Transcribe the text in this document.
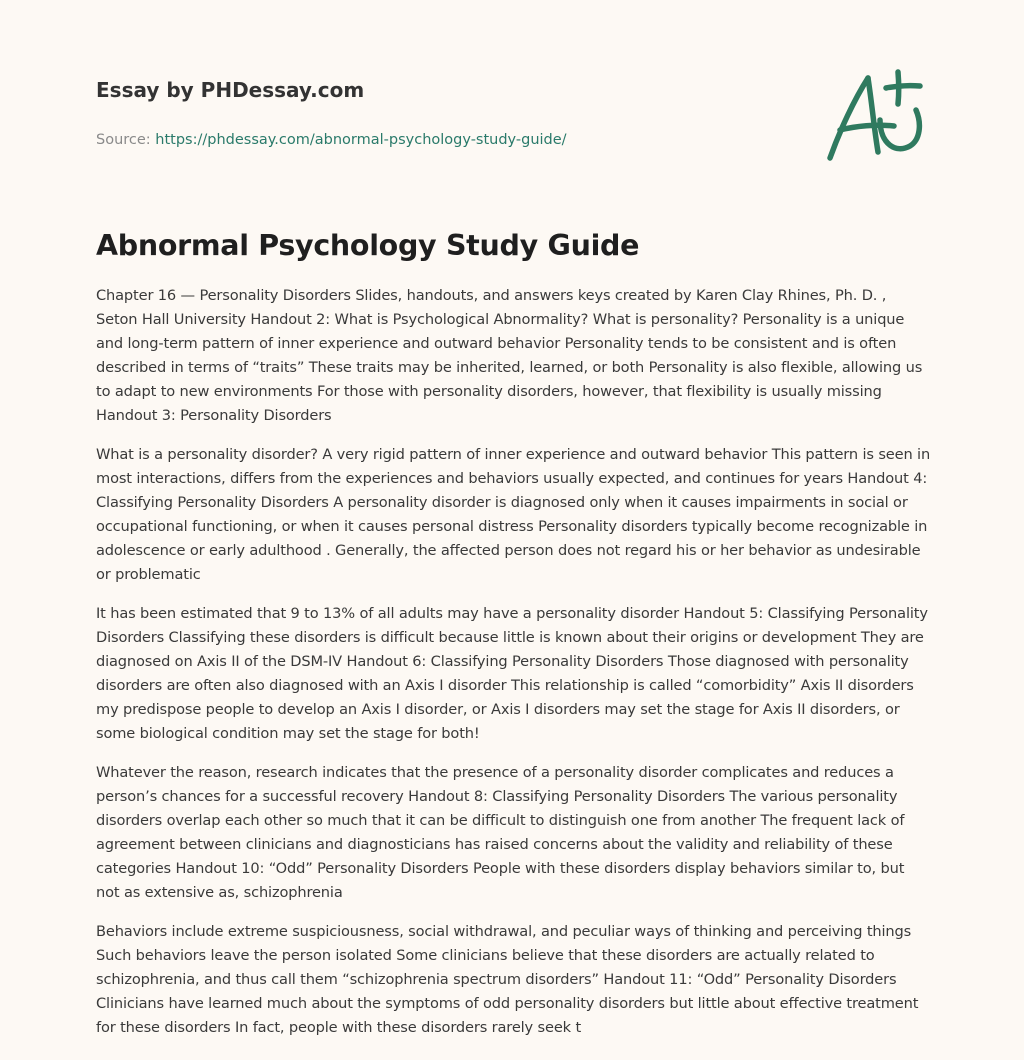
Essay by PHDessay.com
Source: https://phdessay.com/abnormal-psychology-study-guide/
Abnormal Psychology Study Guide

Chapter 16 — Personality Disorders Slides, handouts, and answers keys created by Karen Clay Rhines, Ph. D. , Seton Hall University Handout 2: What is Psychological Abnormality? What is personality? Personality is a unique and long-term pattern of inner experience and outward behavior Personality tends to be consistent and is often described in terms of “traits” These traits may be inherited, learned, or both Personality is also flexible, allowing us to adapt to new environments For those with personality disorders, however, that flexibility is usually missing Handout 3: Personality Disorders

What is a personality disorder? A very rigid pattern of inner experience and outward behavior This pattern is seen in most interactions, differs from the experiences and behaviors usually expected, and continues for years Handout 4: Classifying Personality Disorders A personality disorder is diagnosed only when it causes impairments in social or occupational functioning, or when it causes personal distress Personality disorders typically become recognizable in adolescence or early adulthood . Generally, the affected person does not regard his or her behavior as undesirable or problematic

It has been estimated that 9 to 13% of all adults may have a personality disorder Handout 5: Classifying Personality Disorders Classifying these disorders is difficult because little is known about their origins or development They are diagnosed on Axis II of the DSM-IV Handout 6: Classifying Personality Disorders Those diagnosed with personality disorders are often also diagnosed with an Axis I disorder This relationship is called “comorbidity” Axis II disorders my predispose people to develop an Axis I disorder, or Axis I disorders may set the stage for Axis II disorders, or some biological condition may set the stage for both!

Whatever the reason, research indicates that the presence of a personality disorder complicates and reduces a person’s chances for a successful recovery Handout 8: Classifying Personality Disorders The various personality disorders overlap each other so much that it can be difficult to distinguish one from another The frequent lack of agreement between clinicians and diagnosticians has raised concerns about the validity and reliability of these categories Handout 10: “Odd” Personality Disorders People with these disorders display behaviors similar to, but not as extensive as, schizophrenia

Behaviors include extreme suspiciousness, social withdrawal, and peculiar ways of thinking and perceiving things Such behaviors leave the person isolated Some clinicians believe that these disorders are actually related to schizophrenia, and thus call them “schizophrenia spectrum disorders” Handout 11: “Odd” Personality Disorders Clinicians have learned much about the symptoms of odd personality disorders but little about effective treatment for these disorders In fact, people with these disorders rarely seek t
